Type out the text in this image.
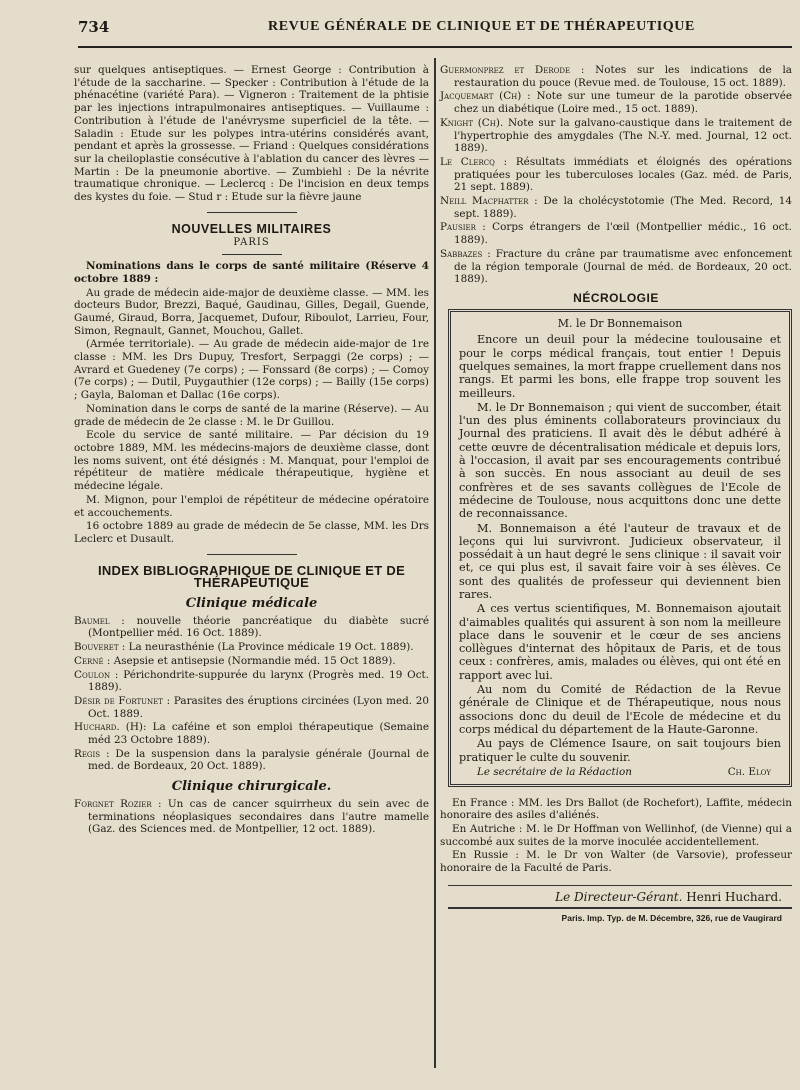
734	REVUE GÉNÉRALE DE CLINIQUE ET DE THÉRAPEUTIQUE

sur quelques antiseptiques. — Ernest George : Contribution à l'étude de la saccharine. — Specker : Contribution à l'étude de la phénacétine (variété Para). — Vigneron : Traitement de la phtisie par les injections intrapulmonaires antiseptiques. — Vuillaume : Contribution à l'étude de l'anévrysme superficiel de la tête. — Saladin : Etude sur les polypes intra-utérins considérés avant, pendant et après la grossesse. — Friand : Quelques considérations sur la cheiloplastie consécutive à l'ablation du cancer des lèvres — Martin : De la pneumonie abortive. — Zumbiehl : De la névrite traumatique chronique. — Leclercq : De l'incision en deux temps des kystes du foie. — Stud r : Etude sur la fièvre jaune

NOUVELLES MILITAIRES
PARIS

Nominations dans le corps de santé militaire (Réserve 4 octobre 1889 :

Au grade de médecin aide-major de deuxième classe. — MM. les docteurs Budor, Brezzi, Baqué, Gaudinau, Gilles, Degail, Guende, Gaumé, Giraud, Borra, Jacquemet, Dufour, Riboulot, Larrieu, Four, Simon, Regnault, Gannet, Mouchou, Gallet.

(Armée territoriale). — Au grade de médecin aide-major de 1re classe : MM. les Drs Dupuy, Tresfort, Serpaggi (2e corps) ; — Avrard et Guedeney (7e corps) ; — Fonssard (8e corps) ; — Comoy (7e corps) ; — Dutil, Puygauthier (12e corps) ; — Bailly (15e corps) ; Gayla, Baloman et Dallac (16e corps).

Nomination dans le corps de santé de la marine (Réserve). — Au grade de médecin de 2e classe : M. le Dr Guillou.

Ecole du service de santé militaire. — Par décision du 19 octobre 1889, MM. les médecins-majors de deuxième classe, dont les noms suivent, ont été désignés : M. Manquat, pour l'emploi de répétiteur de matière médicale thérapeutique, hygiène et médecine légale.

M. Mignon, pour l'emploi de répétiteur de médecine opératoire et accouchements.

16 octobre 1889 au grade de médecin de 5e classe, MM. les Drs Leclerc et Dusault.

INDEX BIBLIOGRAPHIQUE DE CLINIQUE ET DE THÉRAPEUTIQUE
Clinique médicale

Baumel : nouvelle théorie pancréatique du diabète sucré (Montpellier méd. 16 Oct. 1889).

Bouveret : La neurasthénie (La Province médicale 19 Oct. 1889).

Cerné : Asepsie et antisepsie (Normandie méd. 15 Oct 1889).

Coulon : Périchondrite-suppurée du larynx (Progrès med. 19 Oct. 1889).

Désir de Fortunet : Parasites des éruptions circinées (Lyon med. 20 Oct. 1889.

Huchard. (H): La caféine et son emploi thérapeutique (Semaine méd 23 Octobre 1889).

Regis : De la suspension dans la paralysie générale (Journal de med. de Bordeaux, 20 Oct. 1889).

Clinique chirurgicale.

Forgnet Rozier : Un cas de cancer squirrheux du sein avec de terminations néoplasiques secondaires dans l'autre mamelle (Gaz. des Sciences med. de Montpellier, 12 oct. 1889).

Guermonprez et Derode : Notes sur les indications de la restauration du pouce (Revue med. de Toulouse, 15 oct. 1889).

Jacquemart (Ch) : Note sur une tumeur de la parotide observée chez un diabétique (Loire med., 15 oct. 1889).

Knight (Ch). Note sur la galvano-caustique dans le traitement de l'hypertrophie des amygdales (The N.-Y. med. Journal, 12 oct. 1889).

Le Clercq : Résultats immédiats et éloignés des opérations pratiquées pour les tuberculoses locales (Gaz. méd. de Paris, 21 sept. 1889).

Neill Macphatter : De la cholécystotomie (The Med. Record, 14 sept. 1889).

Pausier : Corps étrangers de l'œil (Montpellier médic., 16 oct. 1889).

Sabbazes : Fracture du crâne par traumatisme avec enfoncement de la région temporale (Journal de méd. de Bordeaux, 20 oct. 1889).

NÉCROLOGIE
M. le Dr Bonnemaison

Encore un deuil pour la médecine toulousaine et pour le corps médical français, tout entier ! Depuis quelques semaines, la mort frappe cruellement dans nos rangs. Et parmi les bons, elle frappe trop souvent les meilleurs.

M. le Dr Bonnemaison ; qui vient de succomber, était l'un des plus éminents collaborateurs provinciaux du Journal des praticiens. Il avait dès le début adhéré à cette œuvre de décentralisation médicale et depuis lors, à l'occasion, il avait par ses encouragements contribué à son succès. En nous associant au deuil de ses confrères et de ses savants collègues de l'Ecole de médecine de Toulouse, nous acquittons donc une dette de reconnaissance.

M. Bonnemaison a été l'auteur de travaux et de leçons qui lui survivront. Judicieux observateur, il possédait à un haut degré le sens clinique : il savait voir et, ce qui plus est, il savait faire voir à ses élèves. Ce sont des qualités de professeur qui deviennent bien rares.

A ces vertus scientifiques, M. Bonnemaison ajoutait d'aimables qualités qui assurent à son nom la meilleure place dans le souvenir et le cœur de ses anciens collègues d'internat des hôpitaux de Paris, et de tous ceux : confrères, amis, malades ou élèves, qui ont été en rapport avec lui.

Au nom du Comité de Rédaction de la Revue générale de Clinique et de Thérapeutique, nous nous associons donc du deuil de l'Ecole de médecine et du corps médical du département de la Haute-Garonne.

Au pays de Clémence Isaure, on sait toujours bien pratiquer le culte du souvenir.

Le secrétaire de la Rédaction	Ch. Eloy

En France : MM. les Drs Ballot (de Rochefort), Laffite, médecin honoraire des asiles d'aliénés.

En Autriche : M. le Dr Hoffman von Wellinhof, (de Vienne) qui a succombé aux suites de la morve inoculée accidentellement.

En Russie : M. le Dr von Walter (de Varsovie), professeur honoraire de la Faculté de Paris.

Le Directeur-Gérant. Henri Huchard.
Paris. Imp. Typ. de M. Décembre, 326, rue de Vaugirard
